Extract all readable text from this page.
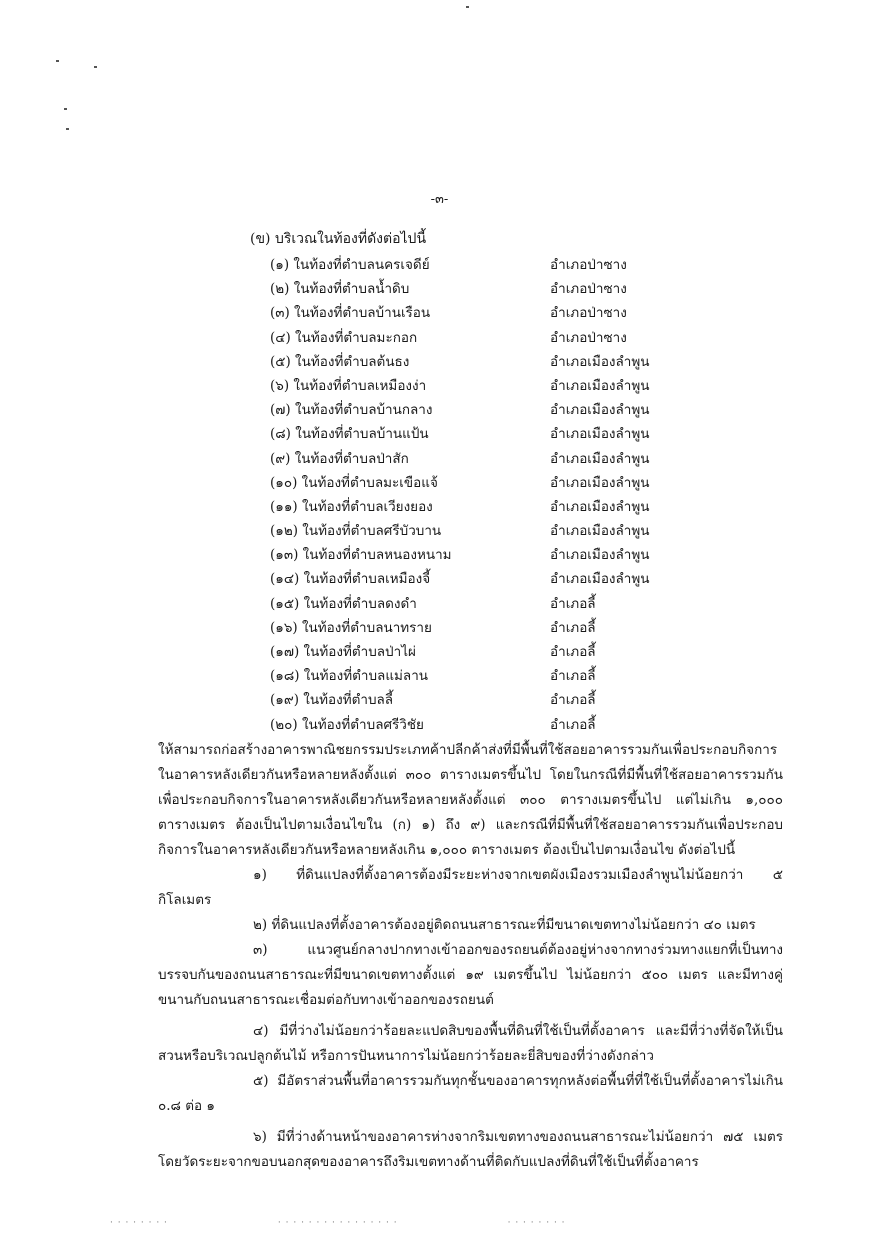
-๓-
(ข) บริเวณในท้องที่ดังต่อไปนี้
(๑) ในท้องที่ตำบลนครเจดีย์	อำเภอป่าซาง
(๒) ในท้องที่ตำบลน้ำดิบ	อำเภอป่าซาง
(๓) ในท้องที่ตำบลบ้านเรือน	อำเภอป่าซาง
(๔) ในท้องที่ตำบลมะกอก	อำเภอป่าซาง
(๕) ในท้องที่ตำบลต้นธง	อำเภอเมืองลำพูน
(๖) ในท้องที่ตำบลเหมืองง่า	อำเภอเมืองลำพูน
(๗) ในท้องที่ตำบลบ้านกลาง	อำเภอเมืองลำพูน
(๘) ในท้องที่ตำบลบ้านแป้น	อำเภอเมืองลำพูน
(๙) ในท้องที่ตำบลป่าสัก	อำเภอเมืองลำพูน
(๑๐) ในท้องที่ตำบลมะเขือแจ้	อำเภอเมืองลำพูน
(๑๑) ในท้องที่ตำบลเวียงยอง	อำเภอเมืองลำพูน
(๑๒) ในท้องที่ตำบลศรีบัวบาน	อำเภอเมืองลำพูน
(๑๓) ในท้องที่ตำบลหนองหนาม	อำเภอเมืองลำพูน
(๑๔) ในท้องที่ตำบลเหมืองจี้	อำเภอเมืองลำพูน
(๑๕) ในท้องที่ตำบลดงดำ	อำเภอลี้
(๑๖) ในท้องที่ตำบลนาทราย	อำเภอลี้
(๑๗) ในท้องที่ตำบลป่าไผ่	อำเภอลี้
(๑๘) ในท้องที่ตำบลแม่ลาน	อำเภอลี้
(๑๙) ในท้องที่ตำบลลี้	อำเภอลี้
(๒๐) ในท้องที่ตำบลศรีวิชัย	อำเภอลี้

ให้สามารถก่อสร้างอาคารพาณิชยกรรมประเภทค้าปลีกค้าส่งที่มีพื้นที่ใช้สอยอาคารรวมกันเพื่อประกอบกิจการในอาคารหลังเดียวกันหรือหลายหลังตั้งแต่ ๓๐๐ ตารางเมตรขึ้นไป โดยในกรณีที่มีพื้นที่ใช้สอยอาคารรวมกันเพื่อประกอบกิจการในอาคารหลังเดียวกันหรือหลายหลังตั้งแต่ ๓๐๐ ตารางเมตรขึ้นไป แต่ไม่เกิน ๑,๐๐๐ ตารางเมตร ต้องเป็นไปตามเงื่อนไขใน (ก) ๑) ถึง ๙) และกรณีที่มีพื้นที่ใช้สอยอาคารรวมกันเพื่อประกอบกิจการในอาคารหลังเดียวกันหรือหลายหลังเกิน ๑,๐๐๐ ตารางเมตร ต้องเป็นไปตามเงื่อนไข ดังต่อไปนี้

๑) ที่ดินแปลงที่ตั้งอาคารต้องมีระยะห่างจากเขตผังเมืองรวมเมืองลำพูนไม่น้อยกว่า ๕ กิโลเมตร

๒) ที่ดินแปลงที่ตั้งอาคารต้องอยู่ติดถนนสาธารณะที่มีขนาดเขตทางไม่น้อยกว่า ๔๐ เมตร

๓) แนวศูนย์กลางปากทางเข้าออกของรถยนต์ต้องอยู่ห่างจากทางร่วมทางแยกที่เป็นทางบรรจบกันของถนนสาธารณะที่มีขนาดเขตทางตั้งแต่ ๑๙ เมตรขึ้นไป ไม่น้อยกว่า ๕๐๐ เมตร และมีทางคู่ขนานกับถนนสาธารณะเชื่อมต่อกับทางเข้าออกของรถยนต์

๔) มีที่ว่างไม่น้อยกว่าร้อยละแปดสิบของพื้นที่ดินที่ใช้เป็นที่ตั้งอาคาร และมีที่ว่างที่จัดให้เป็นสวนหรือบริเวณปลูกต้นไม้ หรือการปันหนาการไม่น้อยกว่าร้อยละยี่สิบของที่ว่างดังกล่าว

๕) มีอัตราส่วนพื้นที่อาคารรวมกันทุกชั้นของอาคารทุกหลังต่อพื้นที่ที่ใช้เป็นที่ตั้งอาคารไม่เกิน ๐.๘ ต่อ ๑

๖) มีที่ว่างด้านหน้าของอาคารห่างจากริมเขตทางของถนนสาธารณะไม่น้อยกว่า ๗๕ เมตร โดยวัดระยะจากขอบนอกสุดของอาคารถึงริมเขตทางด้านที่ติดกับแปลงที่ดินที่ใช้เป็นที่ตั้งอาคาร

· · · · · · · ·	· · · · · · · · · · · · · · · ·	· · · · · · · ·
